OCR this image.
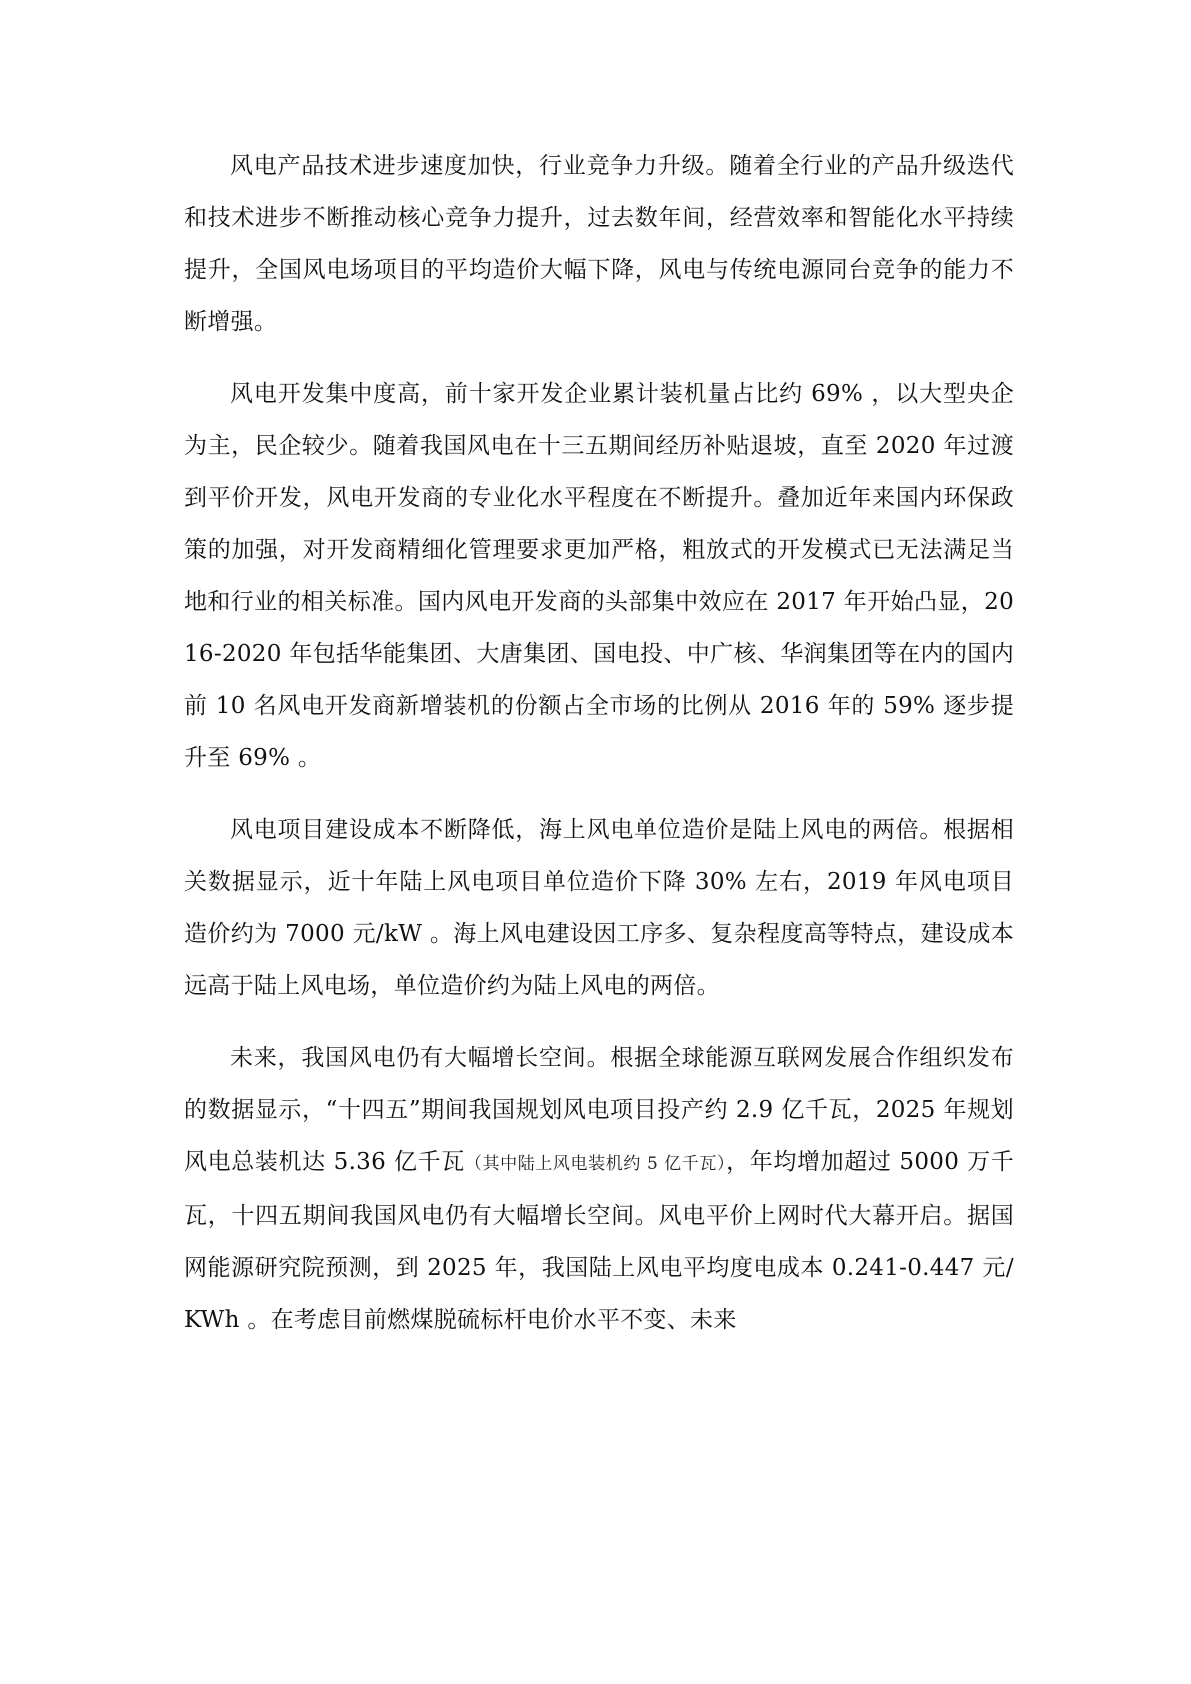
风电产品技术进步速度加快，行业竞争力升级。随着全行业的产品升级迭代和技术进步不断推动核心竞争力提升，过去数年间，经营效率和智能化水平持续提升，全国风电场项目的平均造价大幅下降，风电与传统电源同台竞争的能力不断增强。

风电开发集中度高，前十家开发企业累计装机量占比约 69% ，以大型央企为主，民企较少。随着我国风电在十三五期间经历补贴退坡，直至 2020 年过渡到平价开发，风电开发商的专业化水平程度在不断提升。叠加近年来国内环保政策的加强，对开发商精细化管理要求更加严格，粗放式的开发模式已无法满足当地和行业的相关标准。国内风电开发商的头部集中效应在 2017 年开始凸显，2016-2020 年包括华能集团、大唐集团、国电投、中广核、华润集团等在内的国内前 10 名风电开发商新增装机的份额占全市场的比例从 2016 年的 59% 逐步提升至 69% 。

风电项目建设成本不断降低，海上风电单位造价是陆上风电的两倍。根据相关数据显示，近十年陆上风电项目单位造价下降 30% 左右，2019 年风电项目造价约为 7000 元/kW 。海上风电建设因工序多、复杂程度高等特点，建设成本远高于陆上风电场，单位造价约为陆上风电的两倍。

未来，我国风电仍有大幅增长空间。根据全球能源互联网发展合作组织发布的数据显示，“十四五”期间我国规划风电项目投产约 2.9 亿千瓦，2025 年规划风电总装机达 5.36 亿千瓦（其中陆上风电装机约 5 亿千瓦），年均增加超过 5000 万千瓦，十四五期间我国风电仍有大幅增长空间。风电平价上网时代大幕开启。据国网能源研究院预测，到 2025 年，我国陆上风电平均度电成本 0.241-0.447 元/KWh 。在考虑目前燃煤脱硫标杆电价水平不变、未来
